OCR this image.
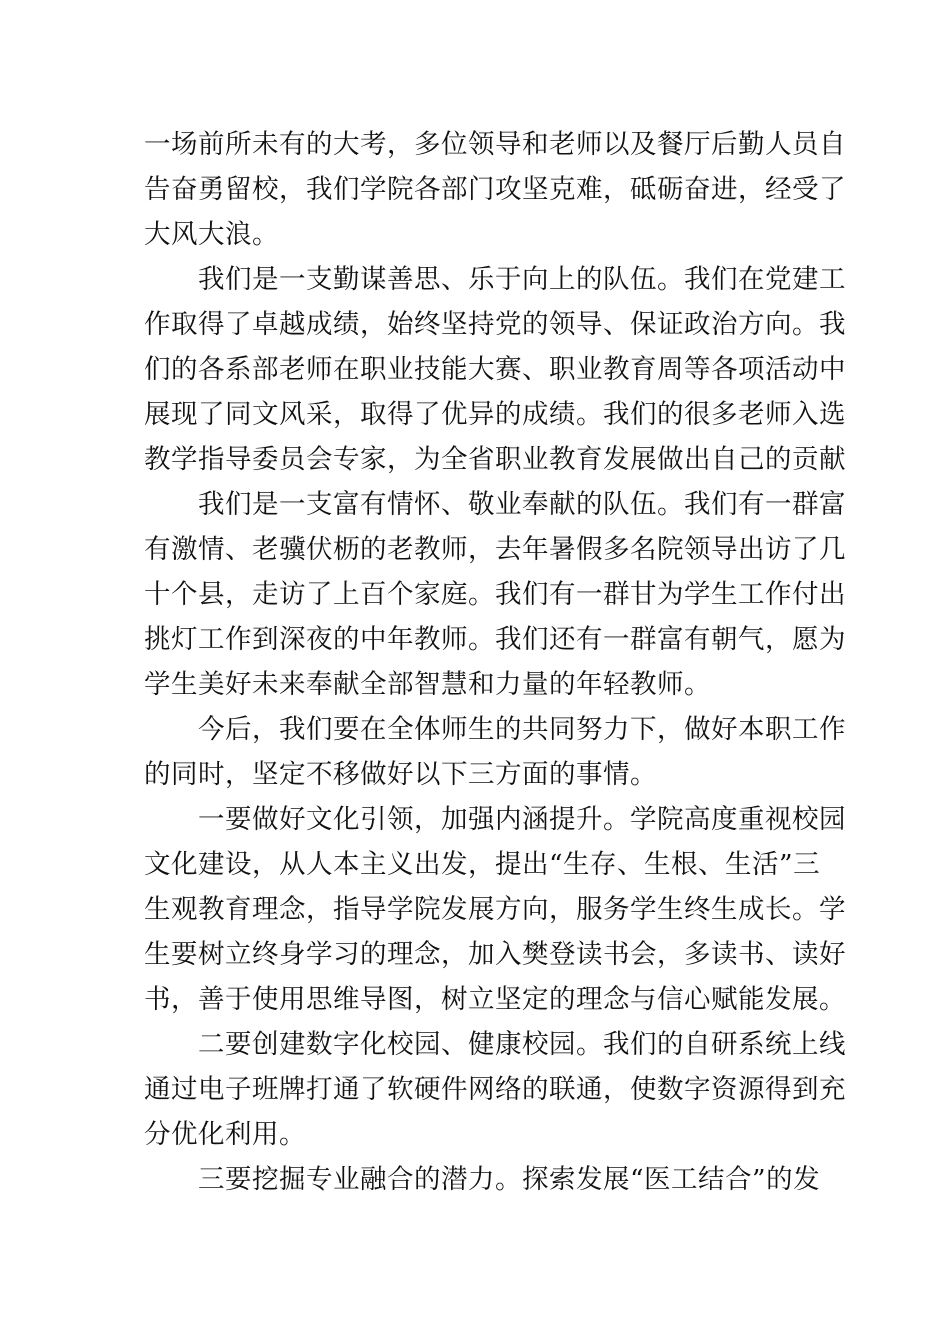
一场前所未有的大考，多位领导和老师以及餐厅后勤人员自
告奋勇留校，我们学院各部门攻坚克难，砥砺奋进，经受了
大风大浪。
　　我们是一支勤谋善思、乐于向上的队伍。我们在党建工
作取得了卓越成绩，始终坚持党的领导、保证政治方向。我
们的各系部老师在职业技能大赛、职业教育周等各项活动中
展现了同文风采，取得了优异的成绩。我们的很多老师入选
教学指导委员会专家，为全省职业教育发展做出自己的贡献
　　我们是一支富有情怀、敬业奉献的队伍。我们有一群富
有激情、老骥伏枥的老教师，去年暑假多名院领导出访了几
十个县，走访了上百个家庭。我们有一群甘为学生工作付出
挑灯工作到深夜的中年教师。我们还有一群富有朝气，愿为
学生美好未来奉献全部智慧和力量的年轻教师。
　　今后，我们要在全体师生的共同努力下，做好本职工作
的同时，坚定不移做好以下三方面的事情。
　　一要做好文化引领，加强内涵提升。学院高度重视校园
文化建设，从人本主义出发，提出“生存、生根、生活”三
生观教育理念，指导学院发展方向，服务学生终生成长。学
生要树立终身学习的理念，加入樊登读书会，多读书、读好
书，善于使用思维导图，树立坚定的理念与信心赋能发展。
　　二要创建数字化校园、健康校园。我们的自研系统上线
通过电子班牌打通了软硬件网络的联通，使数字资源得到充
分优化利用。
　　三要挖掘专业融合的潜力。探索发展“医工结合”的发
